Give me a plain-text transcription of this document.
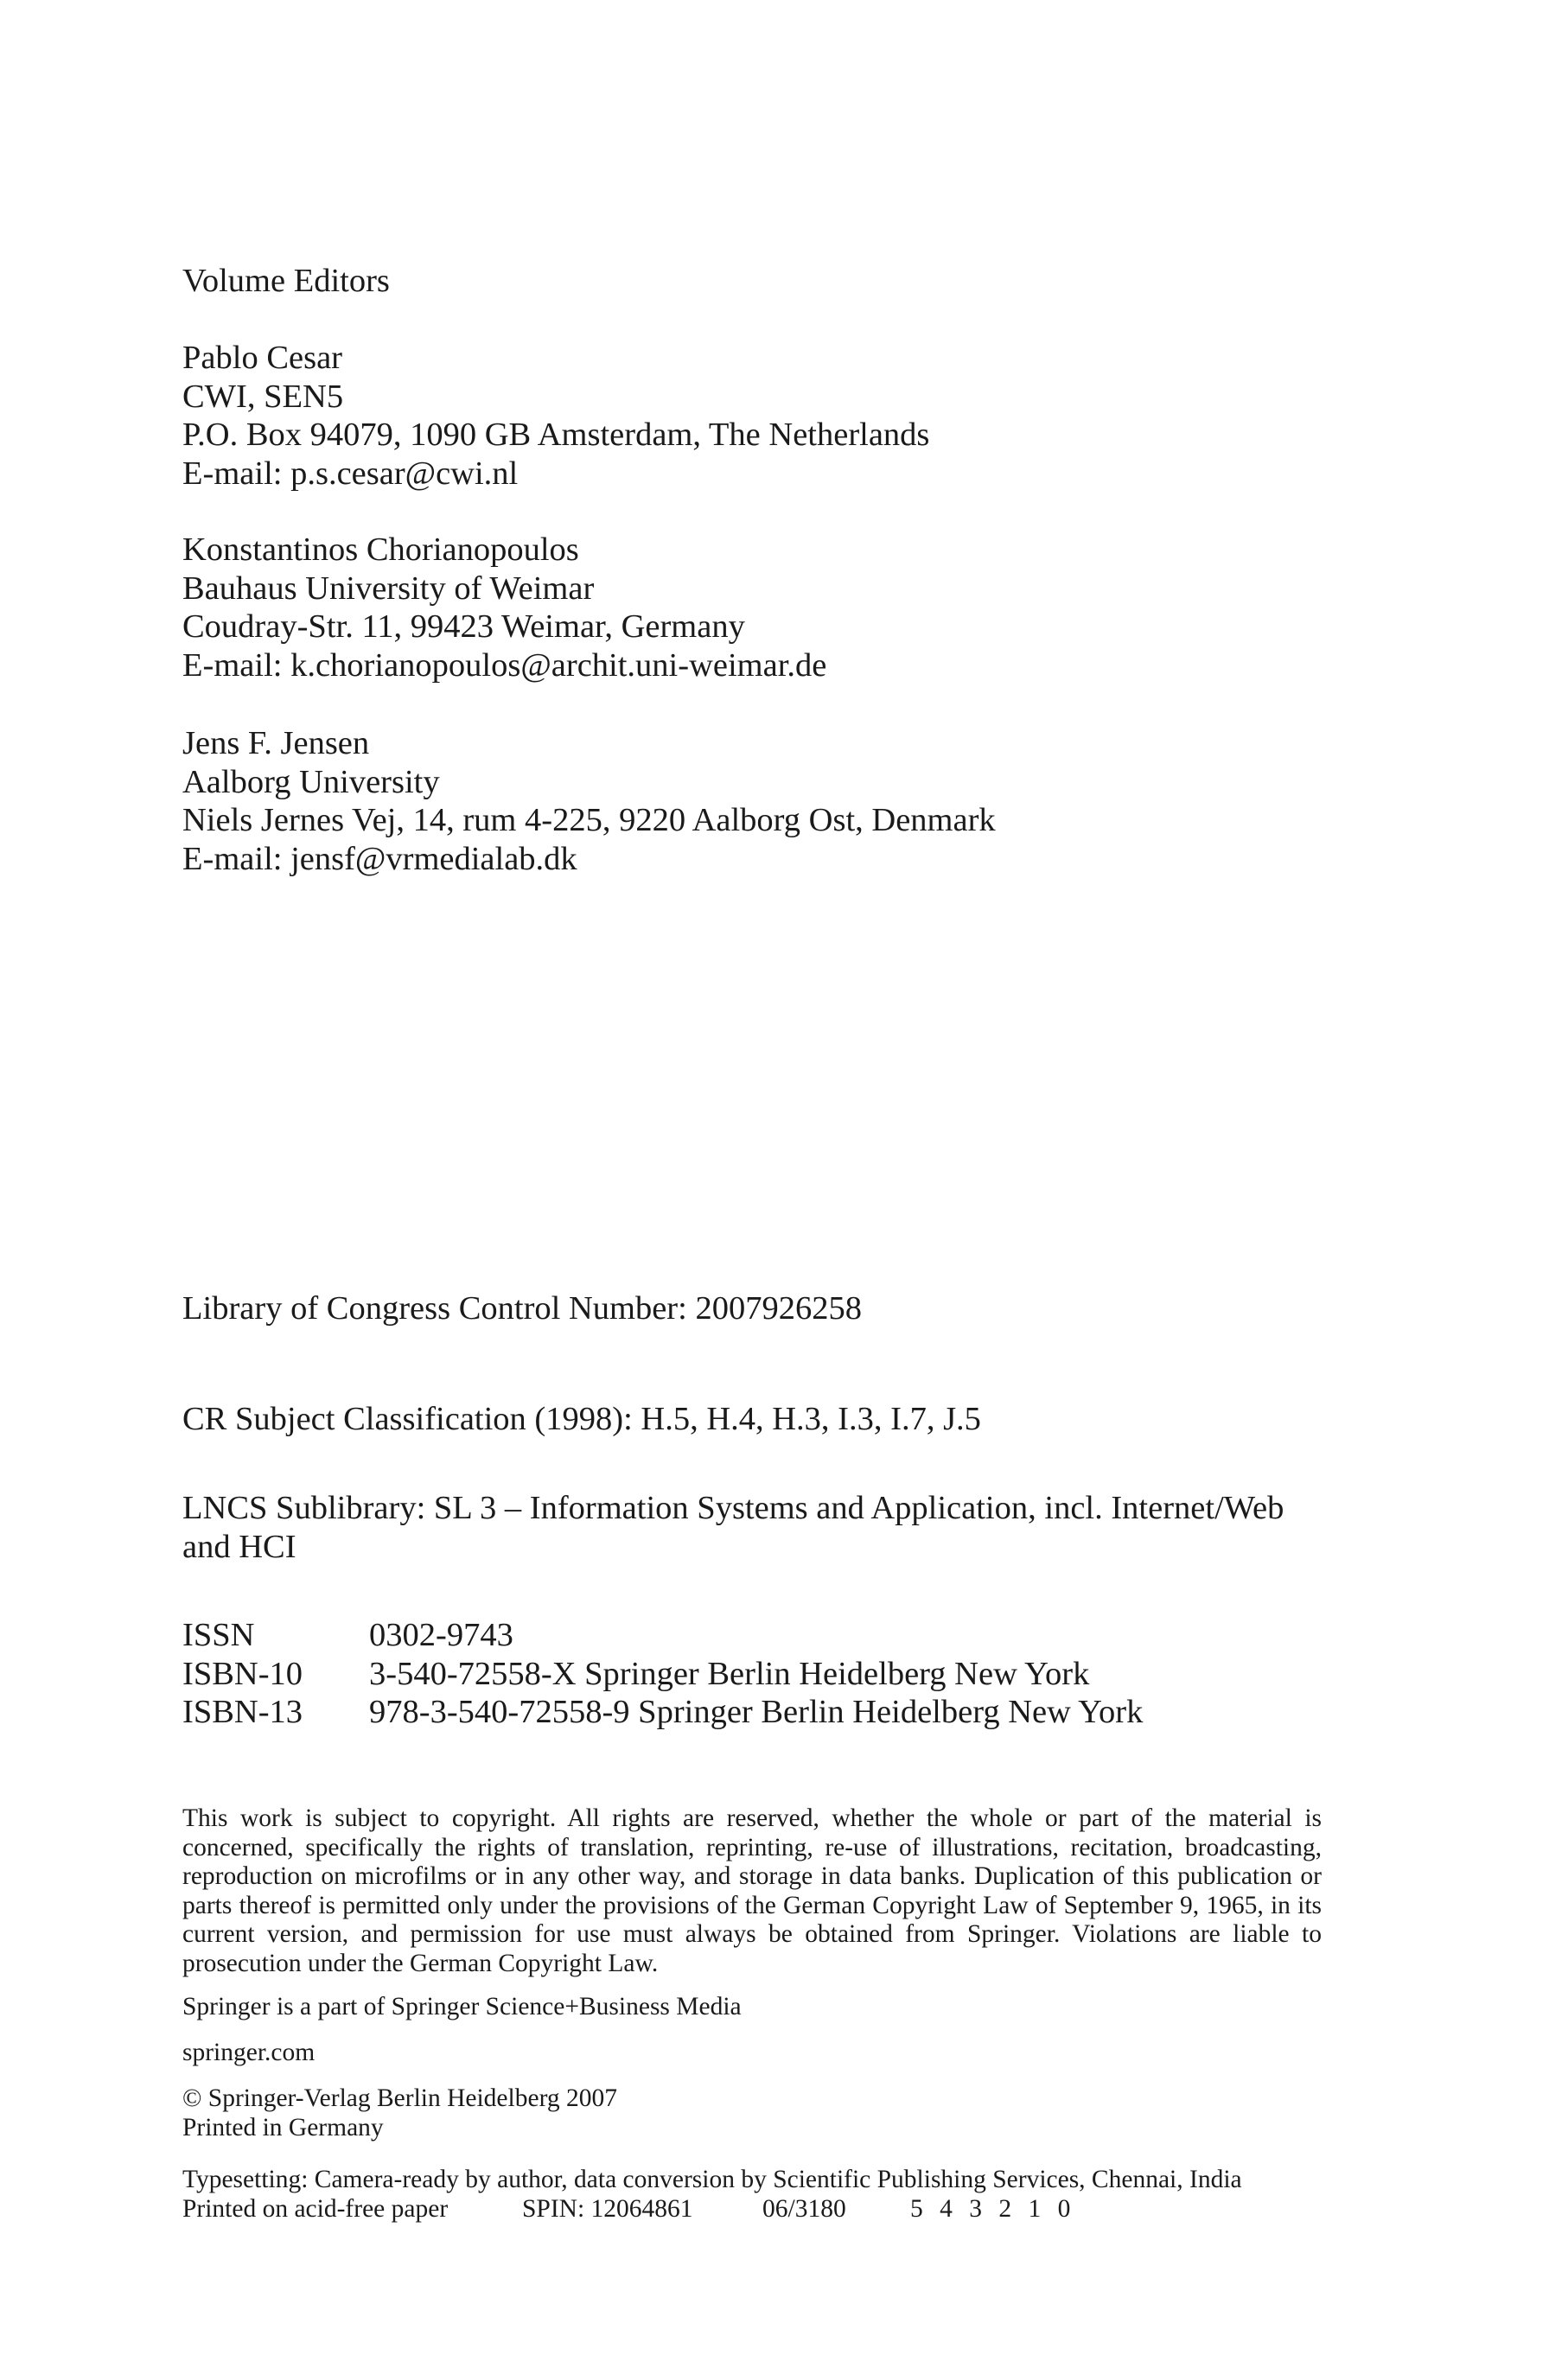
Volume Editors
Pablo Cesar
CWI, SEN5
P.O. Box 94079, 1090 GB Amsterdam, The Netherlands
E-mail: p.s.cesar@cwi.nl
Konstantinos Chorianopoulos
Bauhaus University of Weimar
Coudray-Str. 11, 99423 Weimar, Germany
E-mail: k.chorianopoulos@archit.uni-weimar.de
Jens F. Jensen
Aalborg University
Niels Jernes Vej, 14, rum 4-225, 9220 Aalborg Ost, Denmark
E-mail: jensf@vrmedialab.dk
Library of Congress Control Number: 2007926258
CR Subject Classification (1998): H.5, H.4, H.3, I.3, I.7, J.5
LNCS Sublibrary: SL 3 – Information Systems and Application, incl. Internet/Web and HCI
ISSN	0302-9743
ISBN-10	3-540-72558-X Springer Berlin Heidelberg New York
ISBN-13	978-3-540-72558-9 Springer Berlin Heidelberg New York
This work is subject to copyright. All rights are reserved, whether the whole or part of the material is concerned, specifically the rights of translation, reprinting, re-use of illustrations, recitation, broadcasting, reproduction on microfilms or in any other way, and storage in data banks. Duplication of this publication or parts thereof is permitted only under the provisions of the German Copyright Law of September 9, 1965, in its current version, and permission for use must always be obtained from Springer. Violations are liable to prosecution under the German Copyright Law.
Springer is a part of Springer Science+Business Media
springer.com
© Springer-Verlag Berlin Heidelberg 2007
Printed in Germany
Typesetting: Camera-ready by author, data conversion by Scientific Publishing Services, Chennai, India
Printed on acid-free paper	SPIN: 12064861	06/3180	5 4 3 2 1 0
